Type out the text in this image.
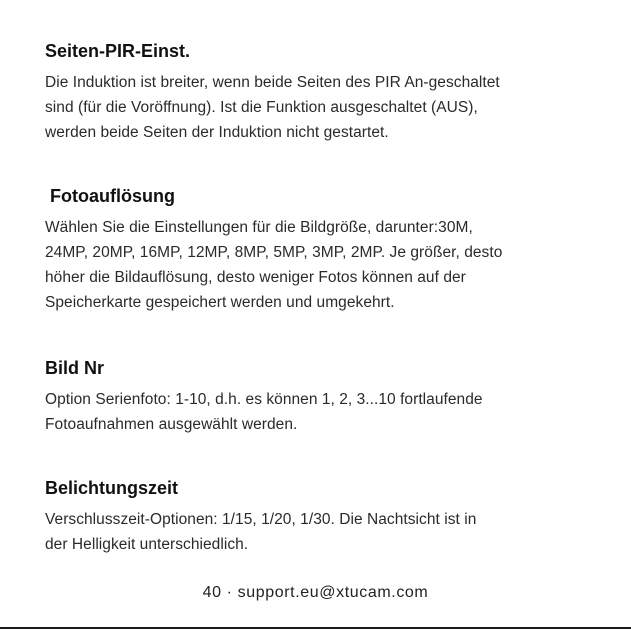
Seiten-PIR-Einst.

Die Induktion ist breiter, wenn beide Seiten des PIR An-geschaltet
sind (für die Voröffnung). Ist die Funktion ausgeschaltet (AUS),
werden beide Seiten der Induktion nicht gestartet.

Fotoauflösung

Wählen Sie die Einstellungen für die Bildgröße, darunter:30M,
24MP, 20MP, 16MP, 12MP, 8MP, 5MP, 3MP, 2MP. Je größer, desto
höher die Bildauflösung, desto weniger Fotos können auf der
Speicherkarte gespeichert werden und umgekehrt.

Bild Nr

Option Serienfoto: 1-10, d.h. es können 1, 2, 3...10 fortlaufende
Fotoaufnahmen ausgewählt werden.

Belichtungszeit

Verschlusszeit-Optionen: 1/15, 1/20, 1/30. Die Nachtsicht ist in
der Helligkeit unterschiedlich.

40 · support.eu@xtucam.com
